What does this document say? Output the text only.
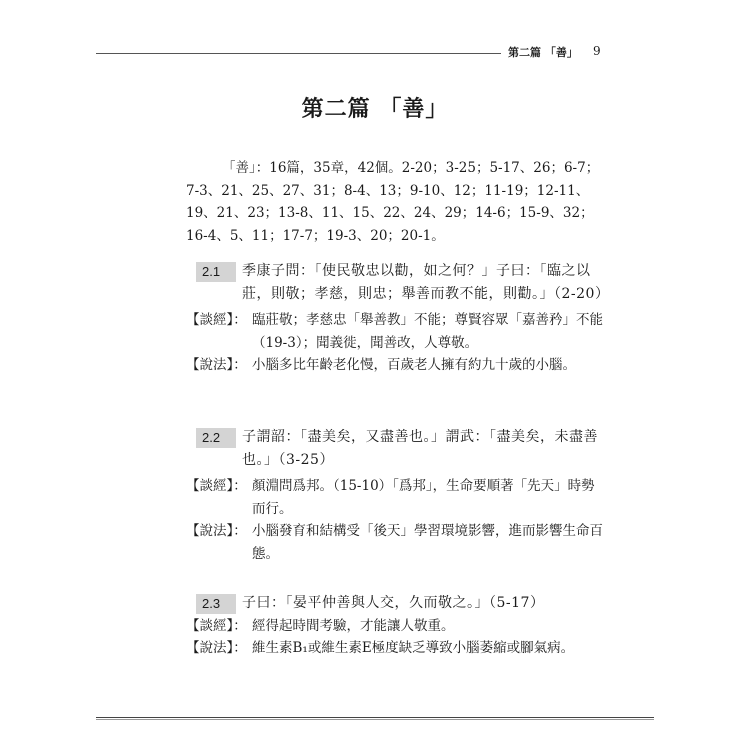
第二篇 「善」 9
第二篇 「善」

「善」：16篇，35章，42個。2-20；3-25；5-17、26；6-7；7-3、21、25、27、31；8-4、13；9-10、12；11-19；12-11、19、21、23；13-8、11、15、22、24、29；14-6；15-9、32；16-4、5、11；17-7；19-3、20；20-1。

2.1	季康子問：「使民敬忠以勸，如之何？」子曰：「臨之以莊，則敬；孝慈，則忠；舉善而教不能，則勸。」（2-20）
【談經】： 臨莊敬；孝慈忠「舉善教」不能；尊賢容眾「嘉善矜」不能（19-3）；聞義徙，聞善改，人尊敬。
【說法】： 小腦多比年齡老化慢，百歲老人擁有約九十歲的小腦。
2.2	子謂韶：「盡美矣，又盡善也。」謂武：「盡美矣，未盡善也。」（3-25）
【談經】： 顏淵問爲邦。（15-10）「爲邦」，生命要順著「先天」時勢而行。
【說法】： 小腦發育和結構受「後天」學習環境影響，進而影響生命百態。
2.3	子曰：「晏平仲善與人交，久而敬之。」（5-17）
【談經】： 經得起時間考驗，才能讓人敬重。
【說法】： 維生素B₁或維生素E極度缺乏導致小腦萎縮或腳氣病。
